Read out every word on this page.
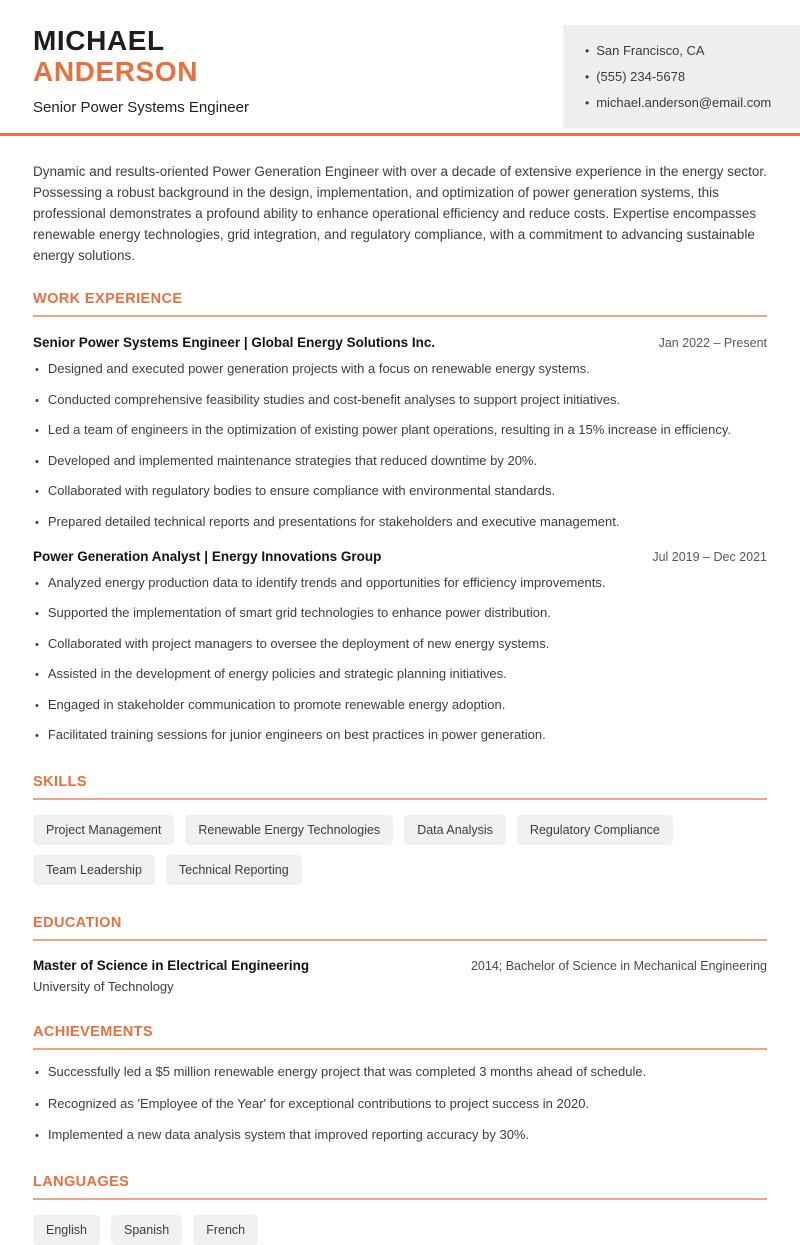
MICHAEL
ANDERSON
Senior Power Systems Engineer
• San Francisco, CA
• (555) 234-5678
• michael.anderson@email.com

Dynamic and results-oriented Power Generation Engineer with over a decade of extensive experience in the energy sector. Possessing a robust background in the design, implementation, and optimization of power generation systems, this professional demonstrates a profound ability to enhance operational efficiency and reduce costs. Expertise encompasses renewable energy technologies, grid integration, and regulatory compliance, with a commitment to advancing sustainable energy solutions.

WORK EXPERIENCE
Senior Power Systems Engineer | Global Energy Solutions Inc.	Jan 2022 – Present
• Designed and executed power generation projects with a focus on renewable energy systems.
• Conducted comprehensive feasibility studies and cost-benefit analyses to support project initiatives.
• Led a team of engineers in the optimization of existing power plant operations, resulting in a 15% increase in efficiency.
• Developed and implemented maintenance strategies that reduced downtime by 20%.
• Collaborated with regulatory bodies to ensure compliance with environmental standards.
• Prepared detailed technical reports and presentations for stakeholders and executive management.
Power Generation Analyst | Energy Innovations Group	Jul 2019 – Dec 2021
• Analyzed energy production data to identify trends and opportunities for efficiency improvements.
• Supported the implementation of smart grid technologies to enhance power distribution.
• Collaborated with project managers to oversee the deployment of new energy systems.
• Assisted in the development of energy policies and strategic planning initiatives.
• Engaged in stakeholder communication to promote renewable energy adoption.
• Facilitated training sessions for junior engineers on best practices in power generation.
SKILLS
Project Management	Renewable Energy Technologies	Data Analysis	Regulatory Compliance
Team Leadership	Technical Reporting
EDUCATION
Master of Science in Electrical Engineering	2014; Bachelor of Science in Mechanical Engineering
University of Technology
ACHIEVEMENTS
• Successfully led a $5 million renewable energy project that was completed 3 months ahead of schedule.
• Recognized as 'Employee of the Year' for exceptional contributions to project success in 2020.
• Implemented a new data analysis system that improved reporting accuracy by 30%.
LANGUAGES
English	Spanish	French
